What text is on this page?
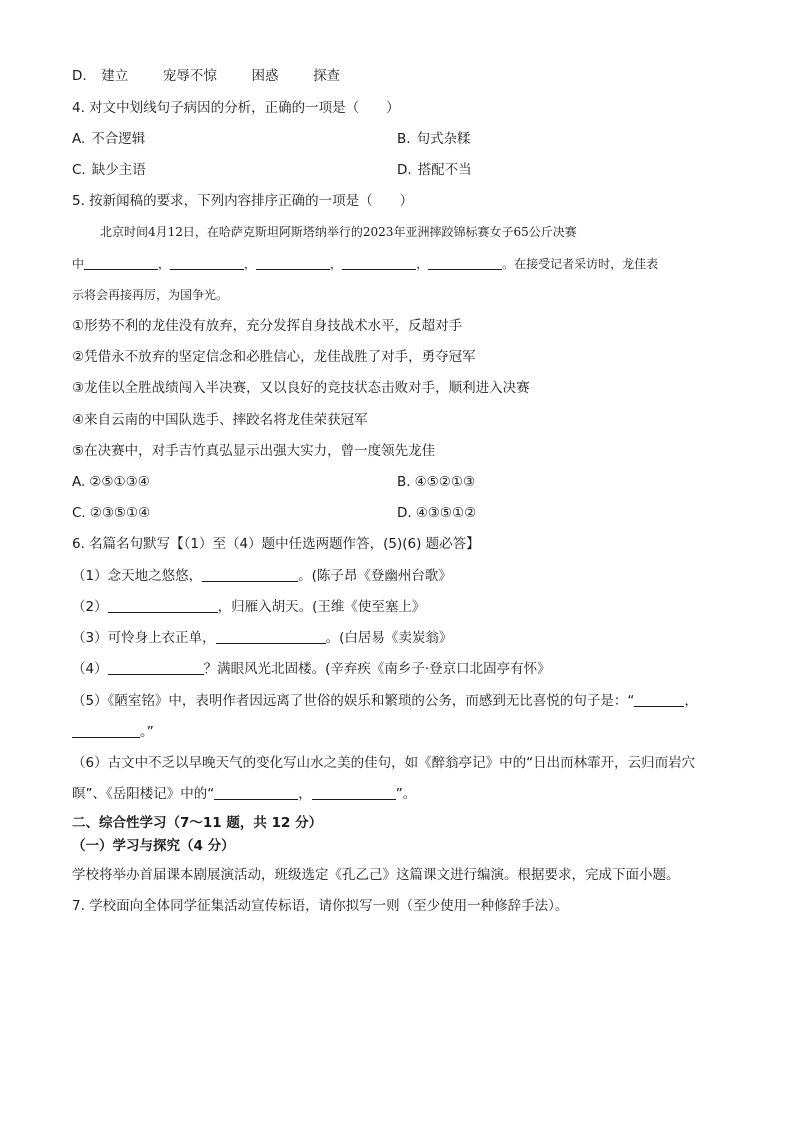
D. 建立	宠辱不惊	困惑	探查
4. 对文中划线句子病因的分析，正确的一项是（　　）
A. 不合逻辑	B. 句式杂糅
C. 缺少主语	D. 搭配不当
5. 按新闻稿的要求，下列内容排序正确的一项是（　　）
北京时间4月12日，在哈萨克斯坦阿斯塔纳举行的2023年亚洲摔跤锦标赛女子65公斤决赛
中	，	，	，	，	。在接受记者采访时，龙佳表
示将会再接再厉，为国争光。
①形势不利的龙佳没有放弃，充分发挥自身技战术水平，反超对手
②凭借永不放弃的坚定信念和必胜信心，龙佳战胜了对手，勇夺冠军
③龙佳以全胜战绩闯入半决赛，又以良好的竞技状态击败对手，顺利进入决赛
④来自云南的中国队选手、摔跤名将龙佳荣获冠军
⑤在决赛中，对手吉竹真弘显示出强大实力，曾一度领先龙佳
A. ②⑤①③④	B. ④⑤②①③
C. ②③⑤①④	D. ④③⑤①②
6. 名篇名句默写【（1）至（4）题中任选两题作答，(5)(6) 题必答】
（1）念天地之悠悠，	。(陈子昂《登幽州台歌》
（2）	，归雁入胡天。(王维《使至塞上》
（3）可怜身上衣正单，	。(白居易《卖炭翁》
（4）	？满眼风光北固楼。(辛弃疾《南乡子·登京口北固亭有怀》
（5）《陋室铭》中，表明作者因远离了世俗的娱乐和繁琐的公务，而感到无比喜悦的句子是：“	，
。”
（6）古文中不乏以早晚天气的变化写山水之美的佳句，如《醉翁亭记》中的“日出而林霏开，云归而岩穴
暝”、《岳阳楼记》中的“	，	”。
二、综合性学习（7～11 题，共 12 分）
（一）学习与探究（4 分）
学校将举办首届课本剧展演活动，班级选定《孔乙己》这篇课文进行编演。根据要求，完成下面小题。
7. 学校面向全体同学征集活动宣传标语，请你拟写一则（至少使用一种修辞手法）。
